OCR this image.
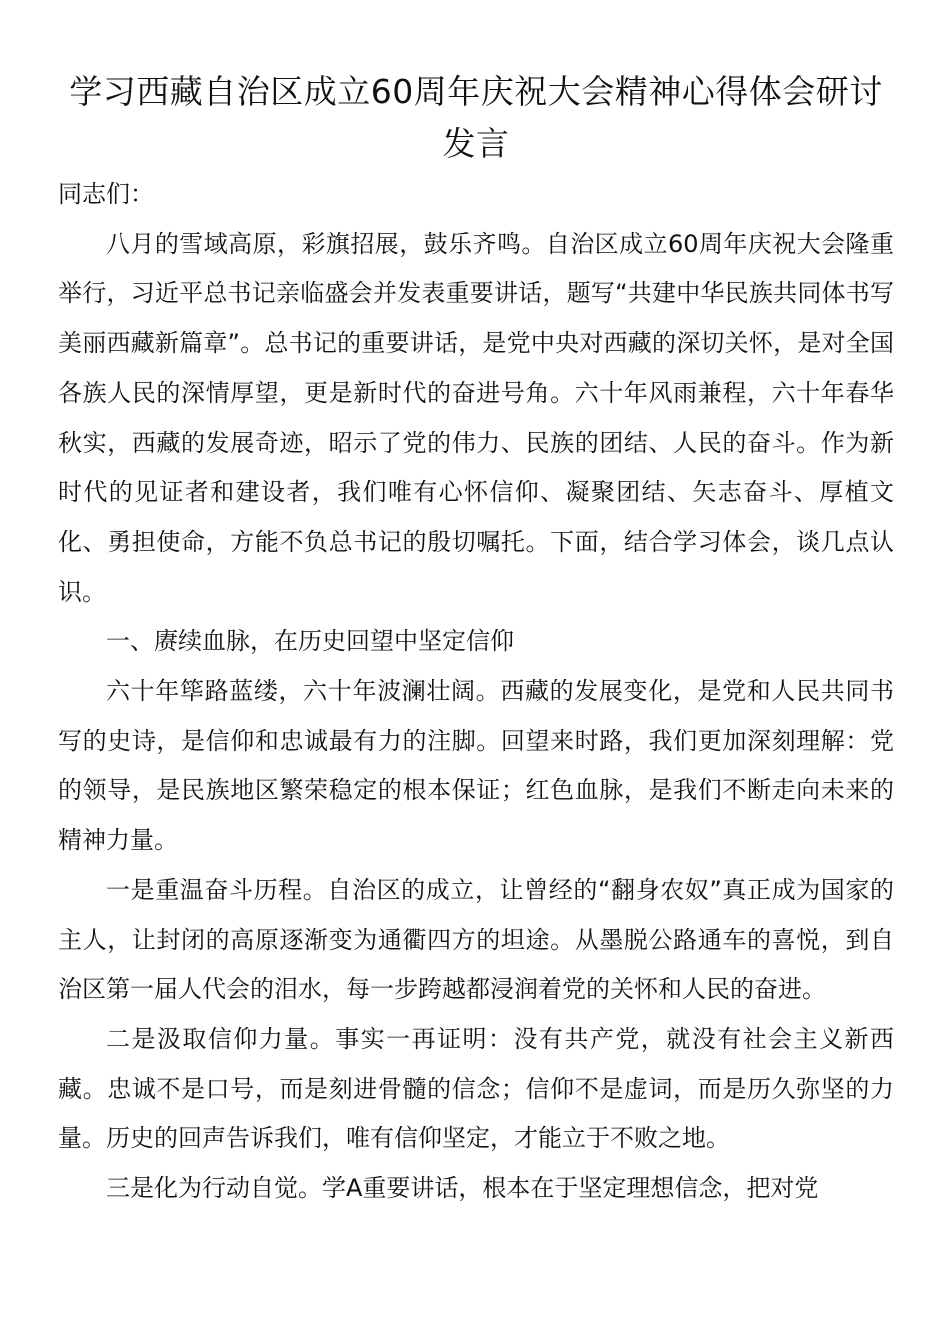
学习西藏自治区成立60周年庆祝大会精神心得体会研讨发言

同志们：

八月的雪域高原，彩旗招展，鼓乐齐鸣。自治区成立60周年庆祝大会隆重举行，习近平总书记亲临盛会并发表重要讲话，题写“共建中华民族共同体书写美丽西藏新篇章”。总书记的重要讲话，是党中央对西藏的深切关怀，是对全国各族人民的深情厚望，更是新时代的奋进号角。六十年风雨兼程，六十年春华秋实，西藏的发展奇迹，昭示了党的伟力、民族的团结、人民的奋斗。作为新时代的见证者和建设者，我们唯有心怀信仰、凝聚团结、矢志奋斗、厚植文化、勇担使命，方能不负总书记的殷切嘱托。下面，结合学习体会，谈几点认识。

一、赓续血脉，在历史回望中坚定信仰

六十年筚路蓝缕，六十年波澜壮阔。西藏的发展变化，是党和人民共同书写的史诗，是信仰和忠诚最有力的注脚。回望来时路，我们更加深刻理解：党的领导，是民族地区繁荣稳定的根本保证；红色血脉，是我们不断走向未来的精神力量。

一是重温奋斗历程。自治区的成立，让曾经的“翻身农奴”真正成为国家的主人，让封闭的高原逐渐变为通衢四方的坦途。从墨脱公路通车的喜悦，到自治区第一届人代会的泪水，每一步跨越都浸润着党的关怀和人民的奋进。

二是汲取信仰力量。事实一再证明：没有共产党，就没有社会主义新西藏。忠诚不是口号，而是刻进骨髓的信念；信仰不是虚词，而是历久弥坚的力量。历史的回声告诉我们，唯有信仰坚定，才能立于不败之地。

三是化为行动自觉。学A重要讲话，根本在于坚定理想信念，把对党
